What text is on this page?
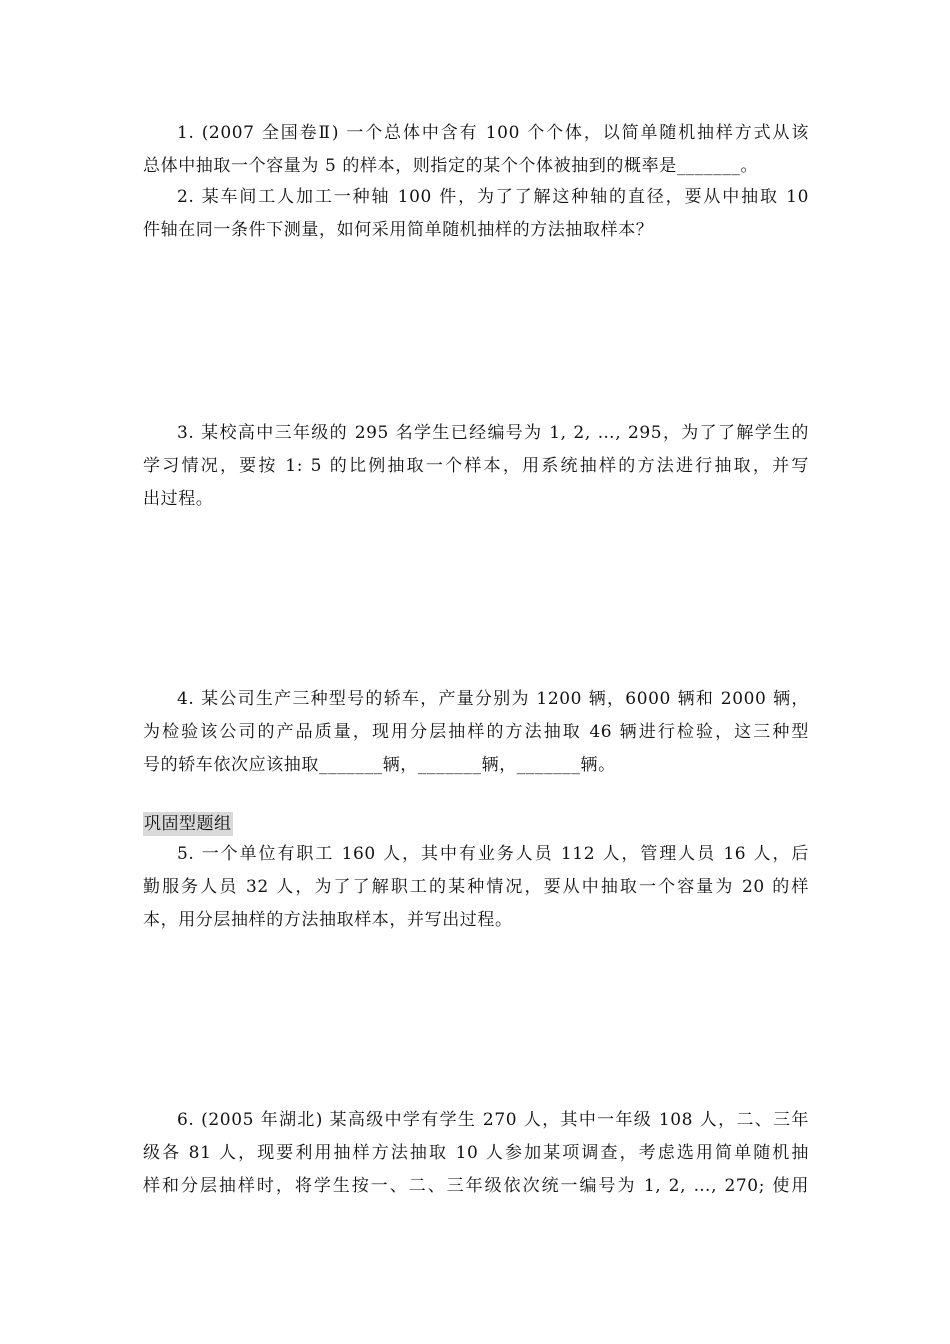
1. (2007 全国卷Ⅱ) 一个总体中含有 100 个个体，以简单随机抽样方式从该
总体中抽取一个容量为 5 的样本，则指定的某个个体被抽到的概率是_______。
2. 某车间工人加工一种轴 100 件，为了了解这种轴的直径，要从中抽取 10
件轴在同一条件下测量，如何采用简单随机抽样的方法抽取样本？
3. 某校高中三年级的 295 名学生已经编号为 1, 2, …, 295，为了了解学生的
学习情况，要按 1: 5 的比例抽取一个样本，用系统抽样的方法进行抽取，并写
出过程。
4. 某公司生产三种型号的轿车，产量分别为 1200 辆，6000 辆和 2000 辆，
为检验该公司的产品质量，现用分层抽样的方法抽取 46 辆进行检验，这三种型
号的轿车依次应该抽取_______辆，_______辆，_______辆。
巩固型题组
5. 一个单位有职工 160 人，其中有业务人员 112 人，管理人员 16 人，后
勤服务人员 32 人，为了了解职工的某种情况，要从中抽取一个容量为 20 的样
本，用分层抽样的方法抽取样本，并写出过程。
6. (2005 年湖北) 某高级中学有学生 270 人，其中一年级 108 人，二、三年
级各 81 人，现要利用抽样方法抽取 10 人参加某项调查，考虑选用简单随机抽
样和分层抽样时，将学生按一、二、三年级依次统一编号为 1, 2, …, 270; 使用
